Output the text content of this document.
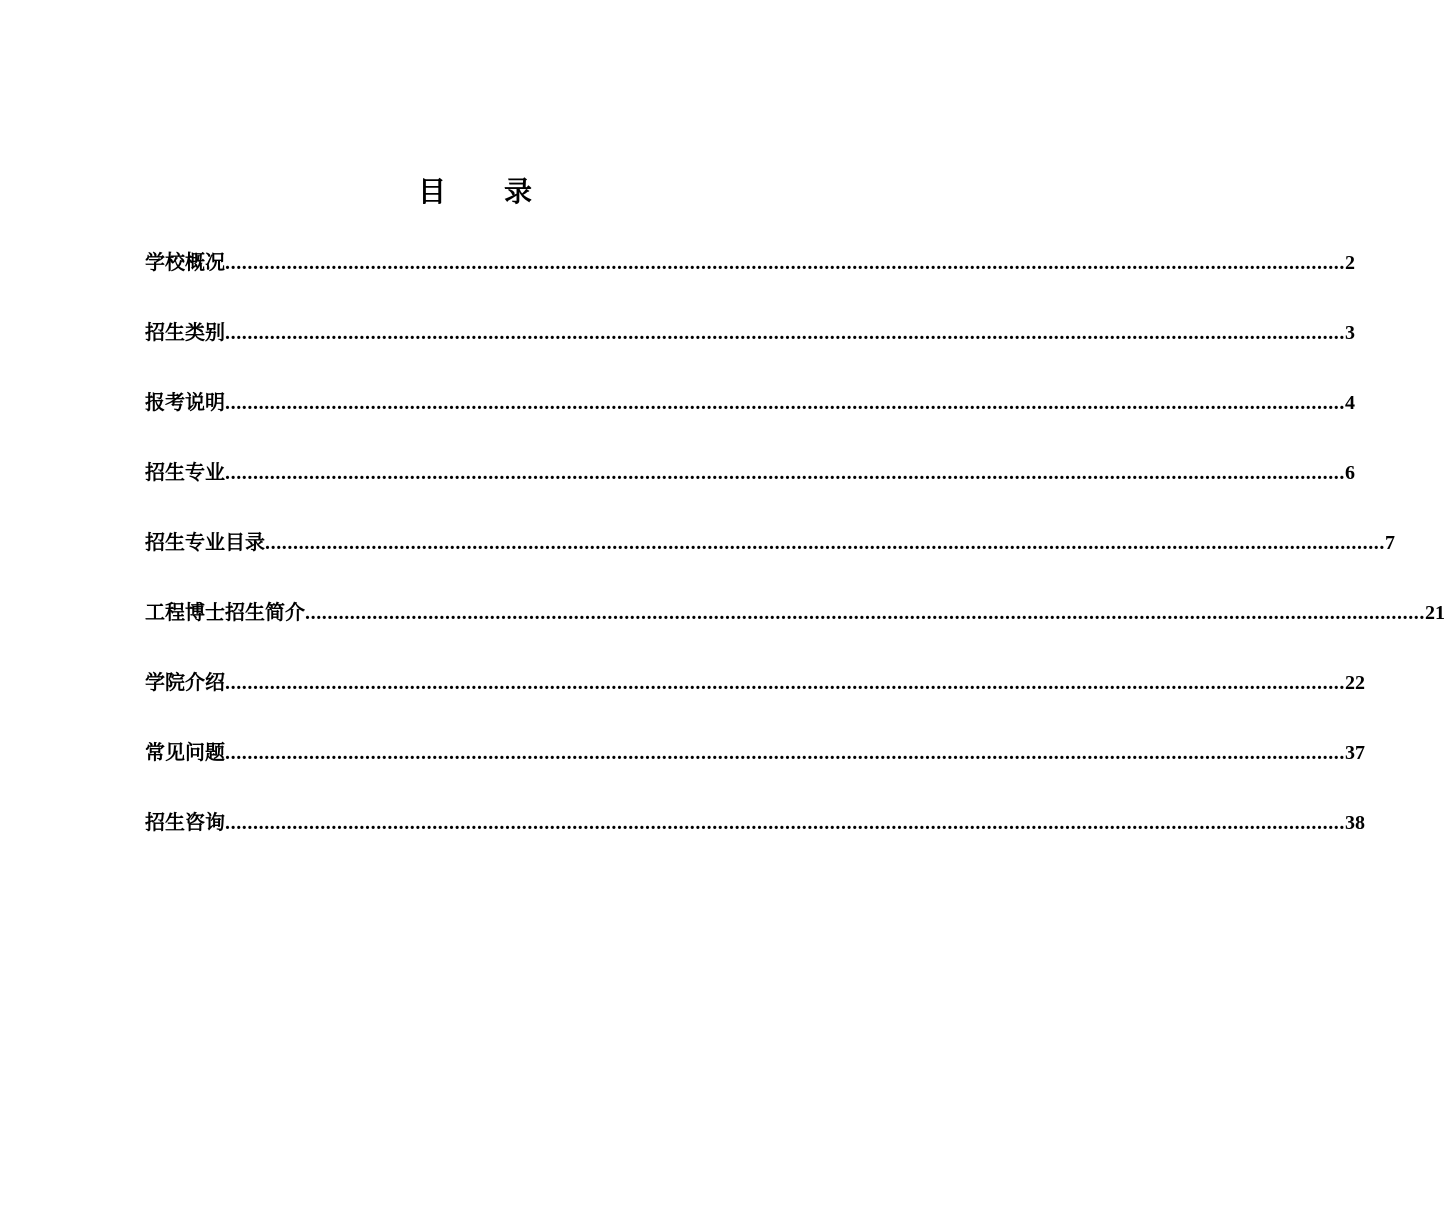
目 录
学校概况 ........................................................................................................................................................................................................ 2
招生类别 ........................................................................................................................................................................................................ 3
报考说明 ........................................................................................................................................................................................................ 4
招生专业 ........................................................................................................................................................................................................ 6
招生专业目录 ........................................................................................................................................................................................................ 7
工程博士招生简介 ........................................................................................................................................................................................................ 21
学院介绍 ........................................................................................................................................................................................................ 22
常见问题 ........................................................................................................................................................................................................ 37
招生咨询 ........................................................................................................................................................................................................ 38
